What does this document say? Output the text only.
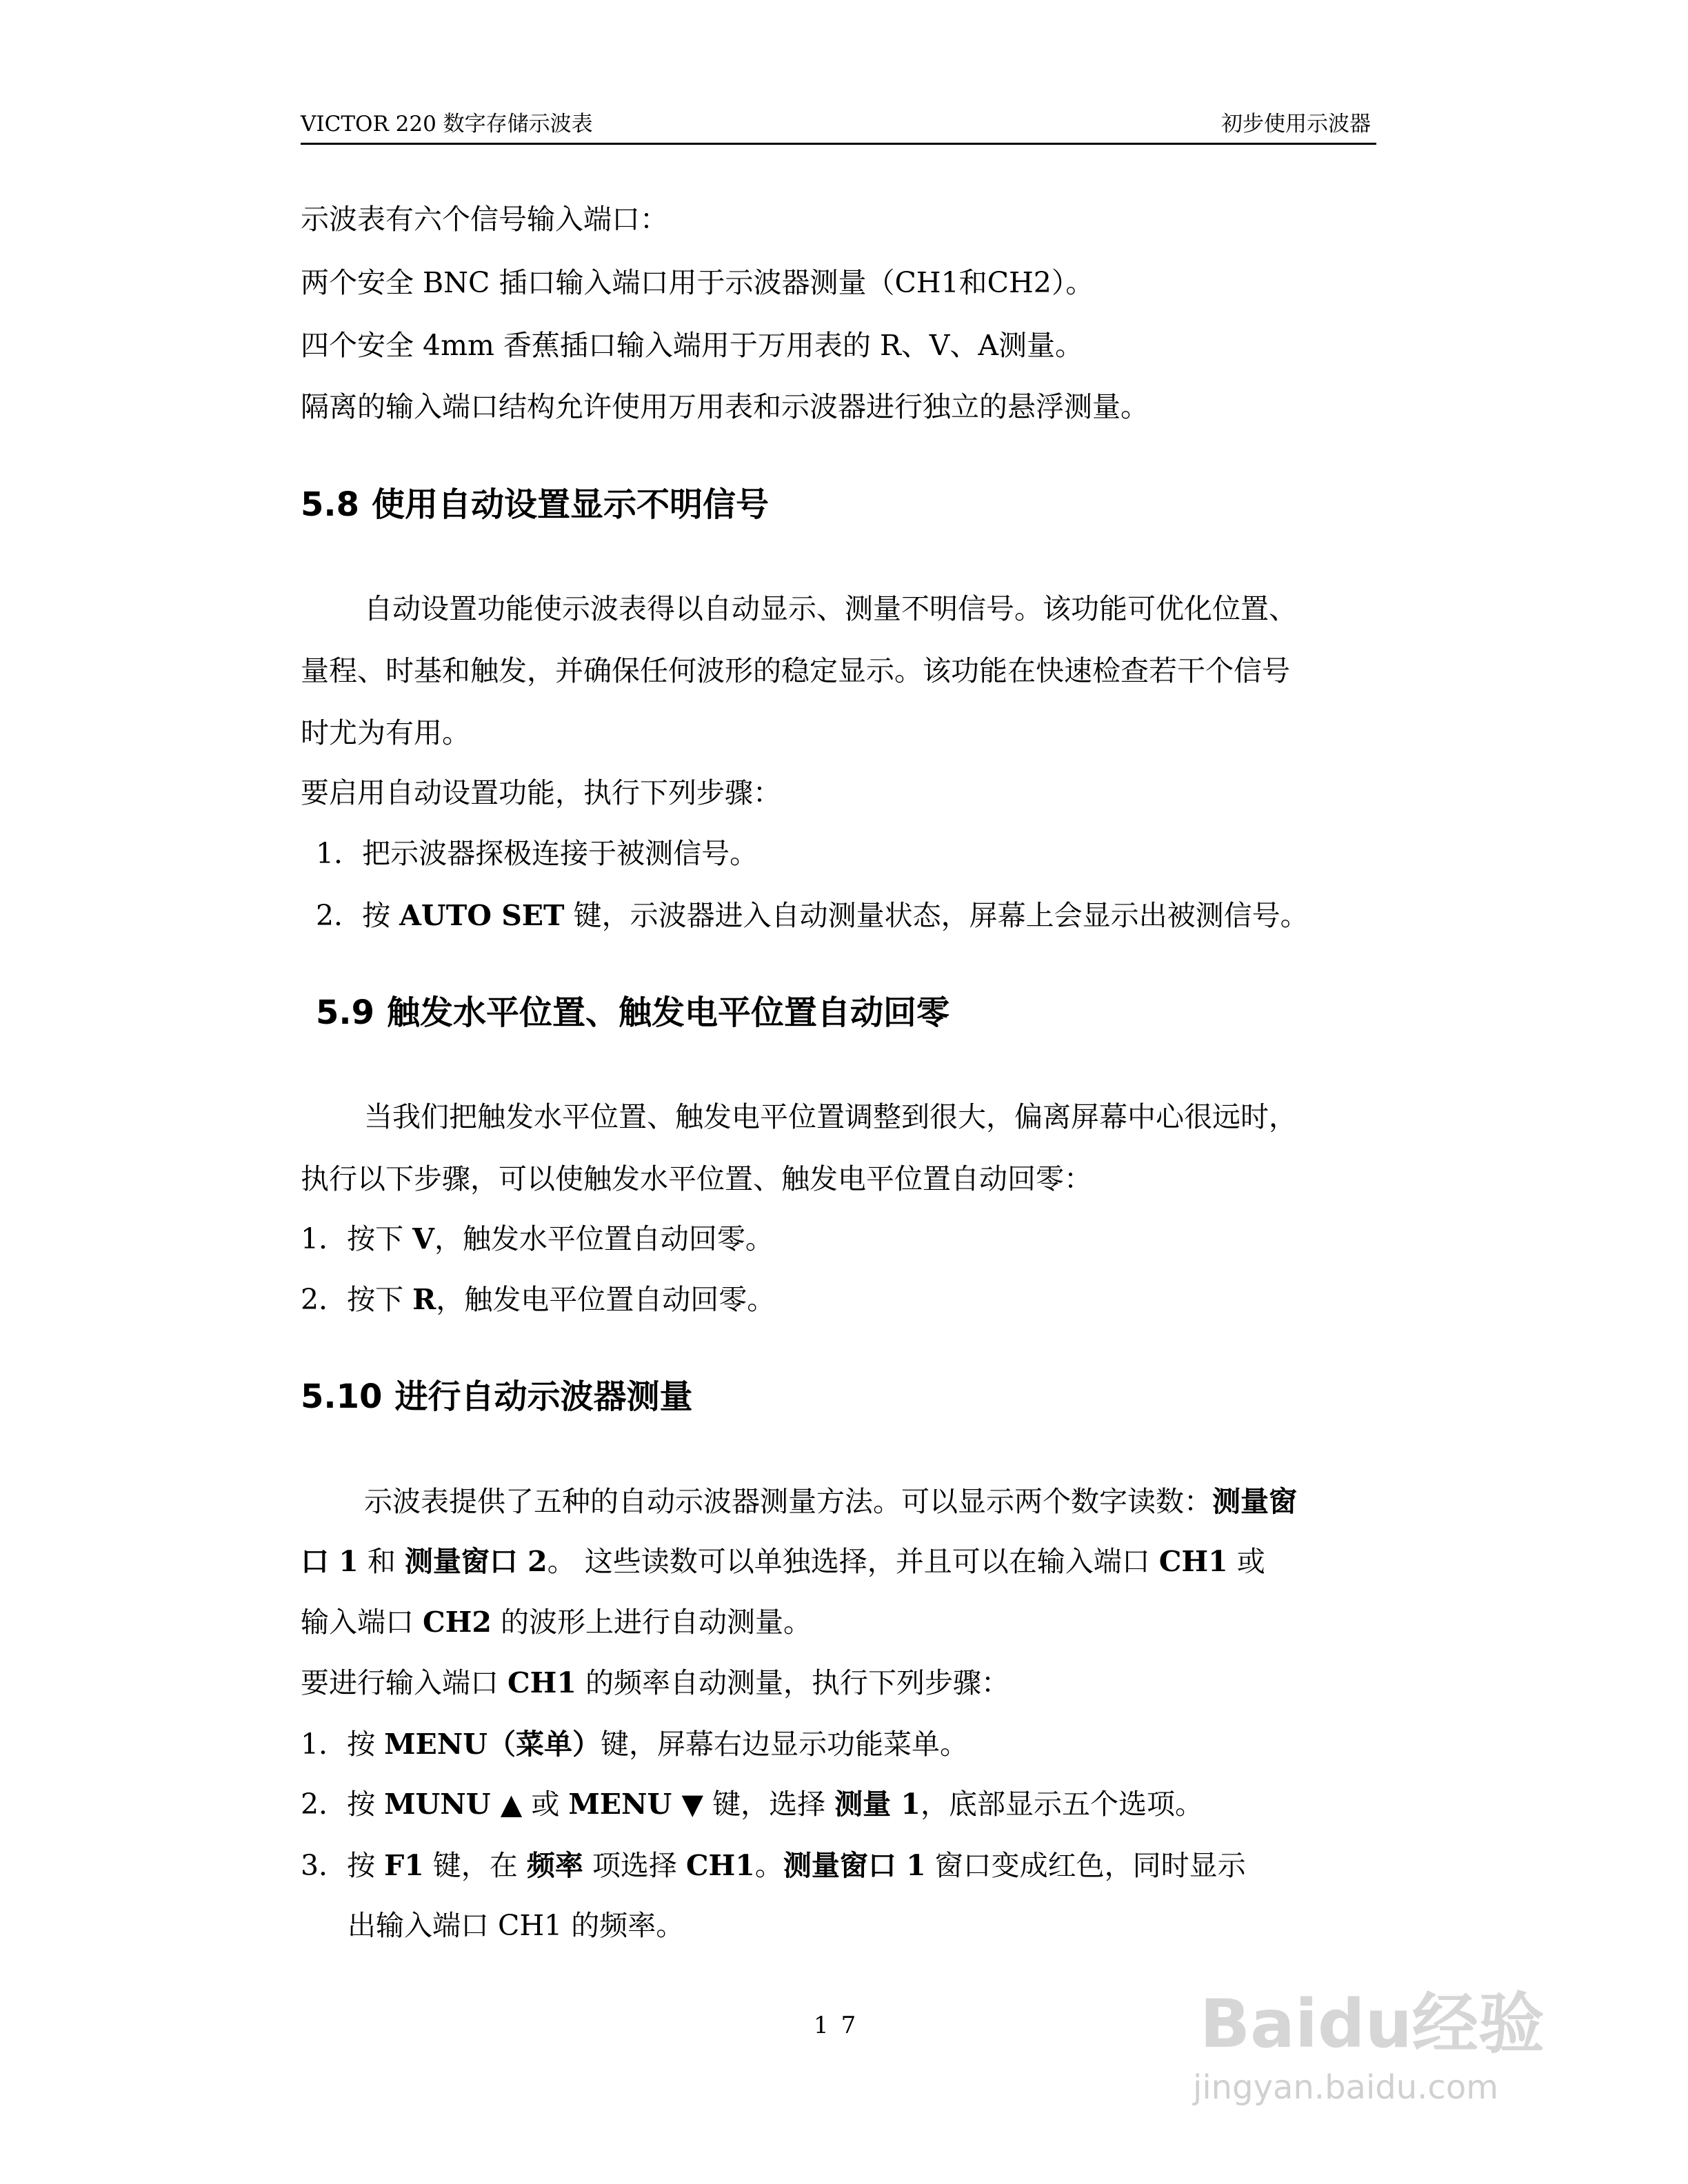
VICTOR 220 数字存储示波表	初步使用示波器
示波表有六个信号输入端口：
两个安全 BNC 插口输入端口用于示波器测量（CH1和CH2）。
四个安全 4mm 香蕉插口输入端用于万用表的 R、V、A测量。
隔离的输入端口结构允许使用万用表和示波器进行独立的悬浮测量。
5.8 使用自动设置显示不明信号
自动设置功能使示波表得以自动显示、测量不明信号。该功能可优化位置、
量程、时基和触发，并确保任何波形的稳定显示。该功能在快速检查若干个信号
时尤为有用。
要启用自动设置功能，执行下列步骤：
1．把示波器探极连接于被测信号。
2．按 AUTO SET 键，示波器进入自动测量状态，屏幕上会显示出被测信号。
5.9 触发水平位置、触发电平位置自动回零
当我们把触发水平位置、触发电平位置调整到很大，偏离屏幕中心很远时，
执行以下步骤，可以使触发水平位置、触发电平位置自动回零：
1．按下 V，触发水平位置自动回零。
2．按下 R，触发电平位置自动回零。
5.10 进行自动示波器测量
示波表提供了五种的自动示波器测量方法。可以显示两个数字读数：测量窗
口 1 和 测量窗口 2。 这些读数可以单独选择，并且可以在输入端口 CH1 或
输入端口 CH2 的波形上进行自动测量。
要进行输入端口 CH1 的频率自动测量，执行下列步骤：
1．按 MENU（菜单）键，屏幕右边显示功能菜单。
2．按 MUNU ▲ 或 MENU ▼ 键，选择 测量 1，底部显示五个选项。
3．按 F1 键，在 频率 项选择 CH1。测量窗口 1 窗口变成红色，同时显示
出输入端口 CH1 的频率。
17	Baidu经验
jingyan.baidu.com
